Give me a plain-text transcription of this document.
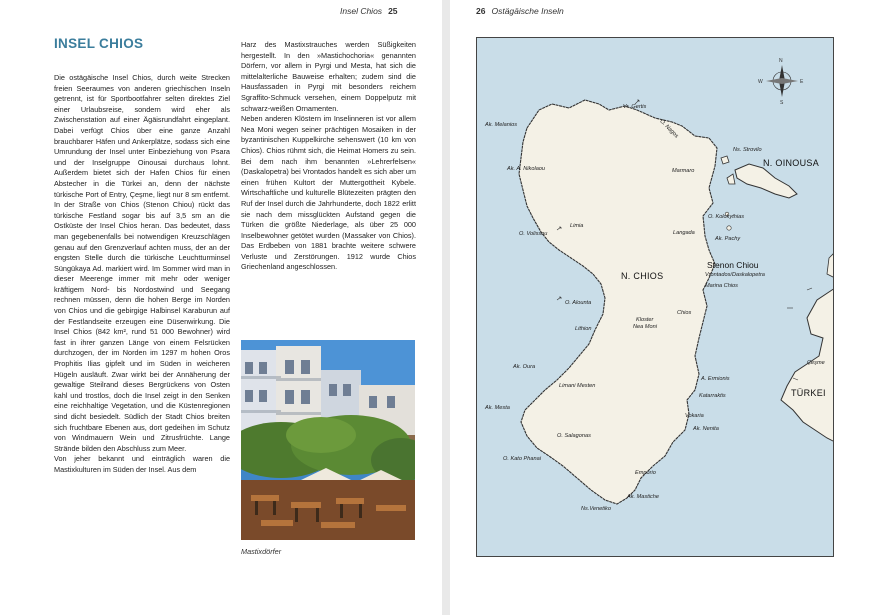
Insel Chios 25
INSEL CHIOS

Die ostägäische Insel Chios, durch weite Strecken freien Seeraumes von anderen griechischen Inseln getrennt, ist für Sportbootfahrer selten direktes Ziel einer Urlaubsreise, sondern wird eher als Zwischenstation auf einer Ägäisrundfahrt eingeplant. Dabei verfügt Chios über eine ganze Anzahl brauchbarer Häfen und Ankerplätze, sodass sich eine Umrundung der Insel unter Einbeziehung von Psara und der Inselgruppe Oinousai durchaus lohnt. Außerdem bietet sich der Hafen Chios für einen Abstecher in die Türkei an, denn der nächste türkische Port of Entry, Çeşme, liegt nur 8 sm entfernt. In der Straße von Chios (Stenon Chiou) rückt das türkische Festland sogar bis auf 3,5 sm an die Ostküste der Insel Chios heran. Das bedeutet, dass man gegebenenfalls bei notwendigen Kreuzschlägen genau auf den Grenzverlauf achten muss, der an der engsten Stelle durch die türkische Leuchtturminsel Süngükaya Ad. markiert wird. Im Sommer wird man in dieser Meerenge immer mit mehr oder weniger kräftigem Nord- bis Nordostwind und Seegang rechnen müssen, denn die hohen Berge im Norden von Chios und die gebirgige Halbinsel Karaburun auf der Festlandseite erzeugen eine Düsenwirkung. Die Insel Chios (842 km², rund 51 000 Bewohner) wird fast in ihrer ganzen Länge von einem Felsrücken durchzogen, der im Norden im 1297 m hohen Oros Prophitis Ilias gipfelt und im Süden in weicheren Hügeln ausläuft. Zwar wirkt bei der Annäherung der gewaltige Steilrand dieses Bergrückens von Osten kahl und trostlos, doch die Insel zeigt in den Senken eine reichhaltige Vegetation, und die Küstenregionen sind dicht besiedelt. Südlich der Stadt Chios breiten sich fruchtbare Ebenen aus, dort gedeihen im Schutz von Windmauern Wein und Zitrusfrüchte. Lange Strände bilden den Abschluss zum Meer.

Von jeher bekannt und einträglich waren die Mastixkulturen im Süden der Insel. Aus dem

Harz des Mastixstrauches werden Süßigkeiten hergestellt. In den »Mastichochoria« genannten Dörfern, vor allem in Pyrgi und Mesta, hat sich die mittelalterliche Bauweise erhalten; zudem sind die Hausfassaden in Pyrgi mit besonders reichem Sgraffito-Schmuck versehen, einem Doppelputz mit schwarz-weißen Ornamenten.

Neben anderen Klöstern im Inselinneren ist vor allem Nea Moni wegen seiner prächtigen Mosaiken in der byzantinischen Kuppelkirche sehenswert (10 km von Chios). Chios rühmt sich, die Heimat Homers zu sein. Bei dem nach ihm benannten »Lehrerfelsen« (Daskalopetra) bei Vrontados handelt es sich aber um einen frühen Kultort der Muttergottheit Kybele. Wirtschaftliche und kulturelle Blütezeiten prägten den Ruf der Insel durch die Jahrhunderte, doch 1822 erlitt sie nach dem missglückten Aufstand gegen die Türken die größte Niederlage, als über 25 000 Inselbewohner getötet wurden (Massaker von Chios). Das Erdbeben von 1881 brachte weitere schwere Verluste und Zerstörungen. 1912 wurde Chios Griechenland angeschlossen.

Mastixdörfer
26 Ostägäische Inseln
N
S
E
W
Vr. Gertis
Ak. Melanios	O. Nagos
Ns. Strovilo
N. OINOUSA
Ak. A. Nikolaou	Marmaro
O. Kolokythias
Limia
O. Volissou	Langada
Ak. Pachy
Stenon Chiou
N. CHIOS	Vrontados/Daskalopetra
Marina Chios
O. Alounta
Chios
Kloster
Nea Moni
Lithion
Çeşme
Ak. Oura
Limani Mesten
A. Ermionis
TÜRKEI
Ak. Mesta
Katarraktis
Vokaria
Ak. Nenita
O. Salagonas
O. Kato Phanai
Emporio
Ak. Mastiche
Ns.Venetiko
